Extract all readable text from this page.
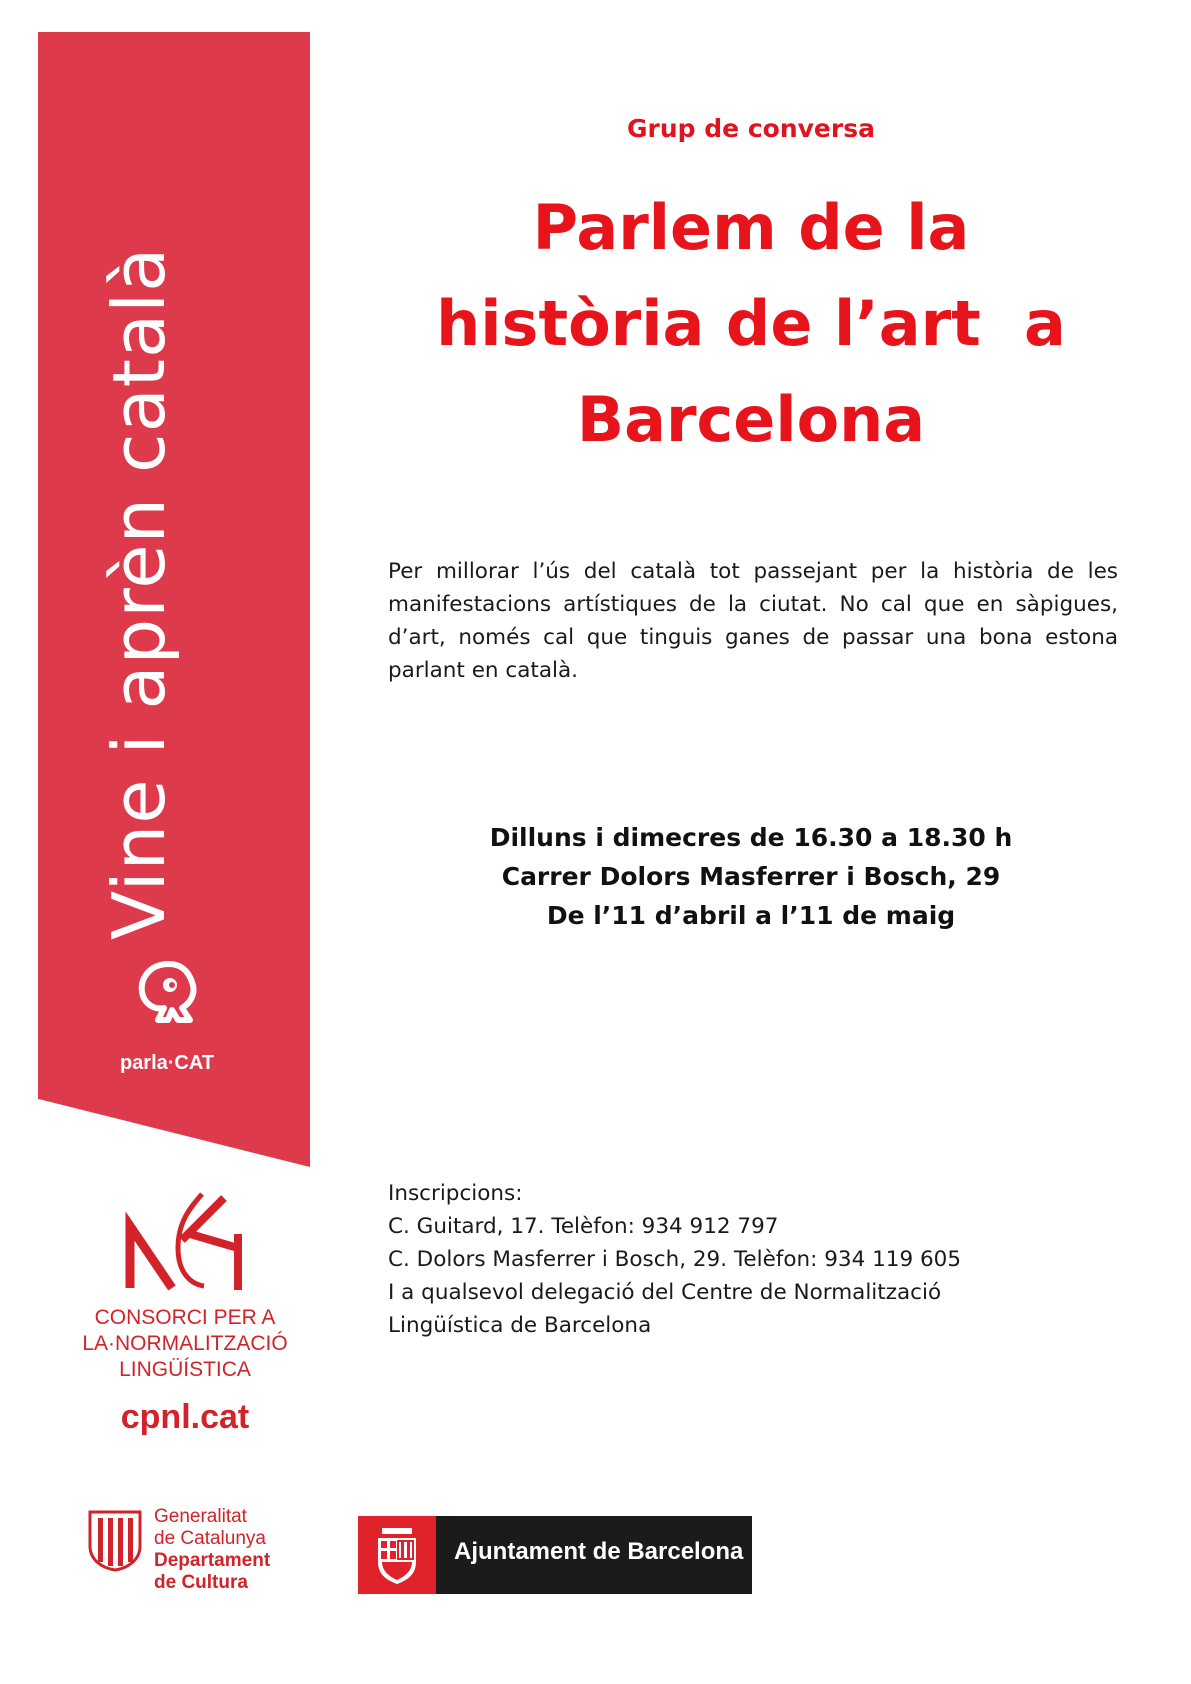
Vine i aprèn català
parla·CAT
CONSORCI PER A
LA·NORMALITZACIÓ
LINGÜÍSTICA
cpnl.cat
Generalitat
de Catalunya
Departament
de Cultura
Ajuntament de Barcelona
Grup de conversa
Parlem de la
història de l’art  a
Barcelona
Per millorar l’ús del català tot passejant per la història de les manifestacions artístiques de la ciutat. No cal que en sàpigues, d’art, només cal que tinguis ganes de passar una bona estona parlant en català.
Dilluns i dimecres de 16.30 a 18.30 h
Carrer Dolors Masferrer i Bosch, 29
De l’11 d’abril a l’11 de maig
Inscripcions:
C. Guitard, 17. Telèfon: 934 912 797
C. Dolors Masferrer i Bosch, 29. Telèfon: 934 119 605
I a qualsevol delegació del Centre de Normalització
Lingüística de Barcelona
